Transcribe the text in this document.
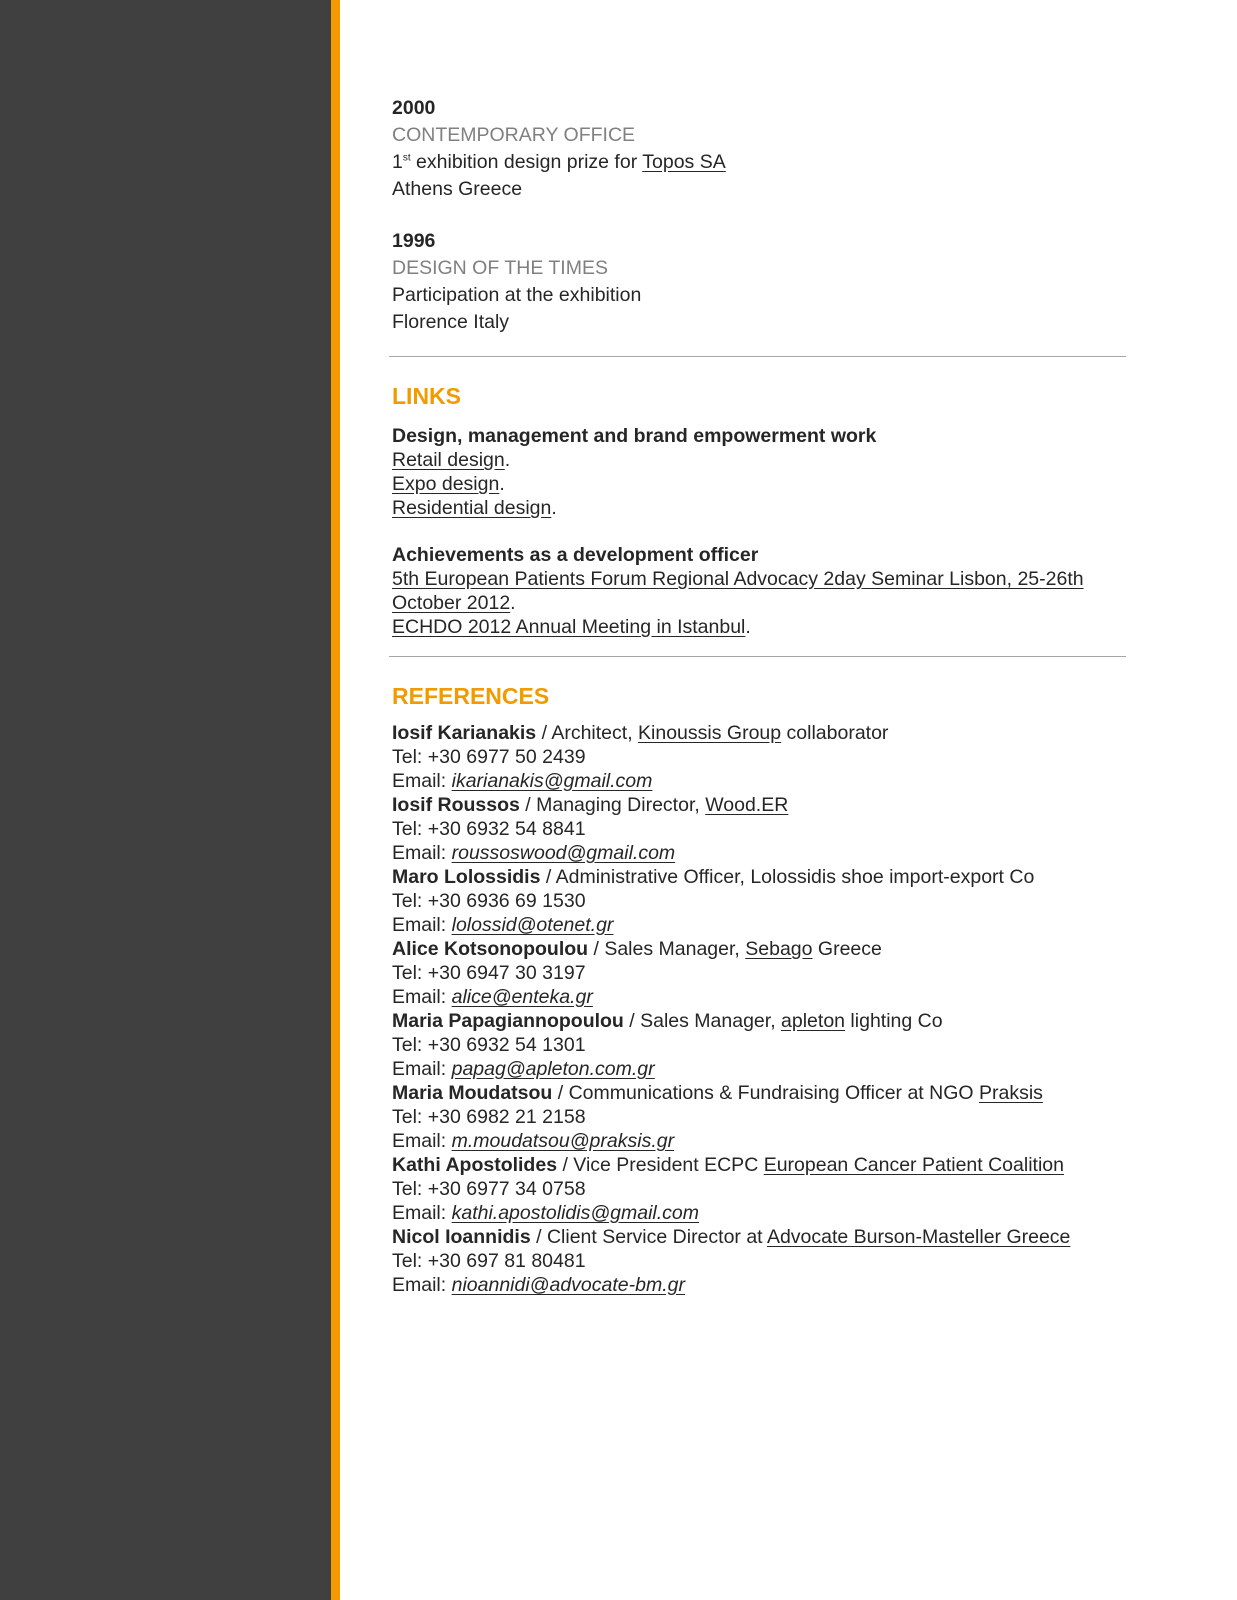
2000
CONTEMPORARY OFFICE
1st exhibition design prize for Topos SA
Athens Greece
1996
DESIGN OF THE TIMES
Participation at the exhibition
Florence Italy
LINKS
Design, management and brand empowerment work
Retail design.
Expo design.
Residential design.
Achievements as a development officer
5th European Patients Forum Regional Advocacy 2day Seminar Lisbon, 25-26th October 2012.
ECHDO 2012 Annual Meeting in Istanbul.
REFERENCES
Iosif Karianakis / Architect, Kinoussis Group collaborator
Tel: +30 6977 50 2439
Email: ikarianakis@gmail.com
Iosif Roussos / Managing Director, Wood.ER
Tel: +30 6932 54 8841
Email: roussoswood@gmail.com
Maro Lolossidis / Administrative Officer, Lolossidis shoe import-export Co
Tel: +30 6936 69 1530
Email: lolossid@otenet.gr
Alice Kotsonopoulou / Sales Manager, Sebago Greece
Tel: +30 6947 30 3197
Email: alice@enteka.gr
Maria Papagiannopoulou / Sales Manager, apleton lighting Co
Tel: +30 6932 54 1301
Email: papag@apleton.com.gr
Maria Moudatsou / Communications & Fundraising Officer at NGO Praksis
Tel: +30 6982 21 2158
Email: m.moudatsou@praksis.gr
Kathi Apostolides / Vice President ECPC European Cancer Patient Coalition
Tel: +30 6977 34 0758
Email: kathi.apostolidis@gmail.com
Nicol Ioannidis / Client Service Director at Advocate Burson-Masteller Greece
Tel: +30 697 81 80481
Email: nioannidi@advocate-bm.gr
